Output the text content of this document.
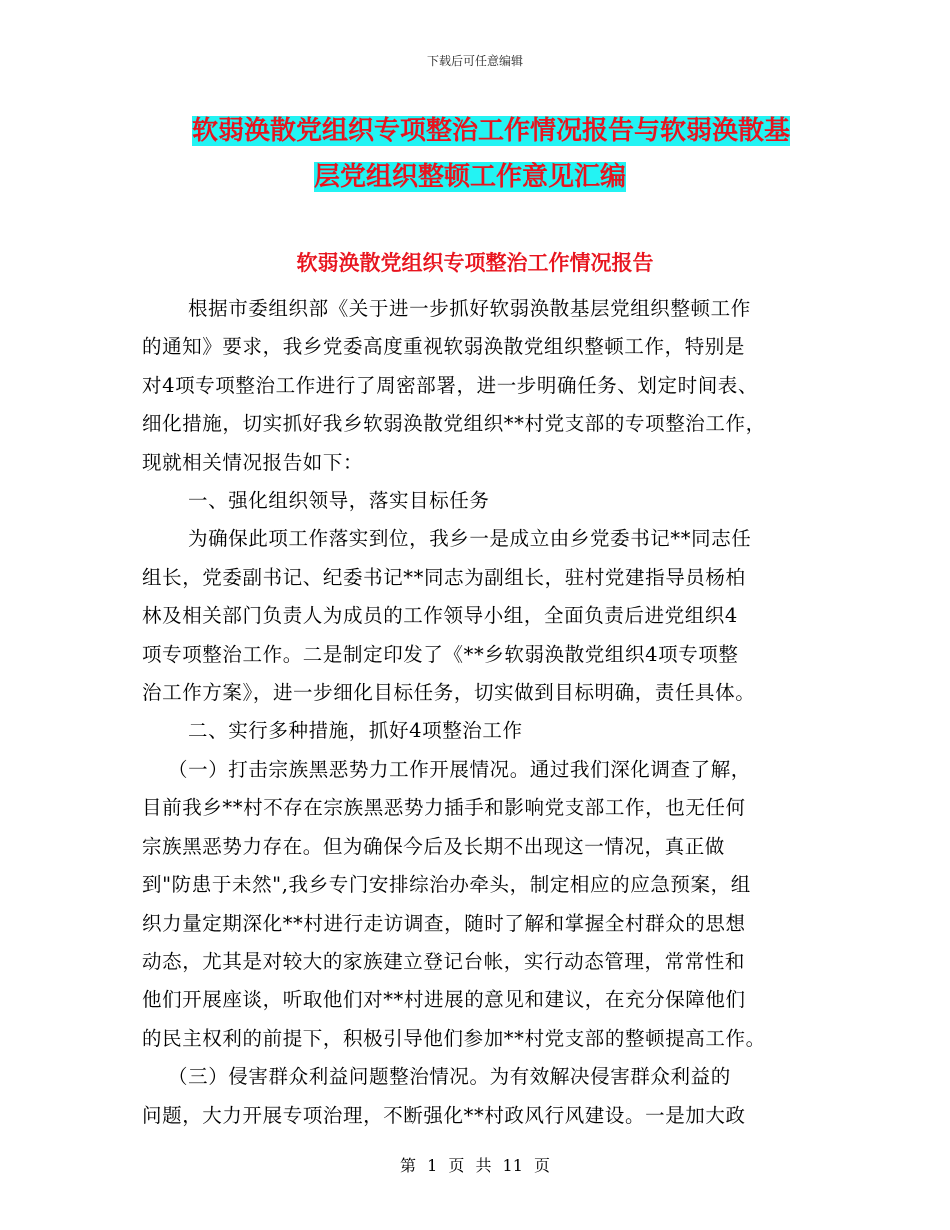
下载后可任意编辑
软弱涣散党组织专项整治工作情况报告与软弱涣散基
层党组织整顿工作意见汇编
软弱涣散党组织专项整治工作情况报告
根据市委组织部《关于进一步抓好软弱涣散基层党组织整顿工作
的通知》要求，我乡党委高度重视软弱涣散党组织整顿工作，特别是
对4项专项整治工作进行了周密部署，进一步明确任务、划定时间表、
细化措施，切实抓好我乡软弱涣散党组织**村党支部的专项整治工作，
现就相关情况报告如下：
一、强化组织领导，落实目标任务
为确保此项工作落实到位，我乡一是成立由乡党委书记**同志任
组长，党委副书记、纪委书记**同志为副组长，驻村党建指导员杨柏
林及相关部门负责人为成员的工作领导小组，全面负责后进党组织4
项专项整治工作。二是制定印发了《**乡软弱涣散党组织4项专项整
治工作方案》，进一步细化目标任务，切实做到目标明确，责任具体。
二、实行多种措施，抓好4项整治工作
（一）打击宗族黑恶势力工作开展情况。通过我们深化调查了解，
目前我乡**村不存在宗族黑恶势力插手和影响党支部工作，也无任何
宗族黑恶势力存在。但为确保今后及长期不出现这一情况，真正做
到"防患于未然",我乡专门安排综治办牵头，制定相应的应急预案，组
织力量定期深化**村进行走访调查，随时了解和掌握全村群众的思想
动态，尤其是对较大的家族建立登记台帐，实行动态管理，常常性和
他们开展座谈，听取他们对**村进展的意见和建议，在充分保障他们
的民主权利的前提下，积极引导他们参加**村党支部的整顿提高工作。
（三）侵害群众利益问题整治情况。为有效解决侵害群众利益的
问题，大力开展专项治理，不断强化**村政风行风建设。一是加大政
第 1 页 共 11 页
